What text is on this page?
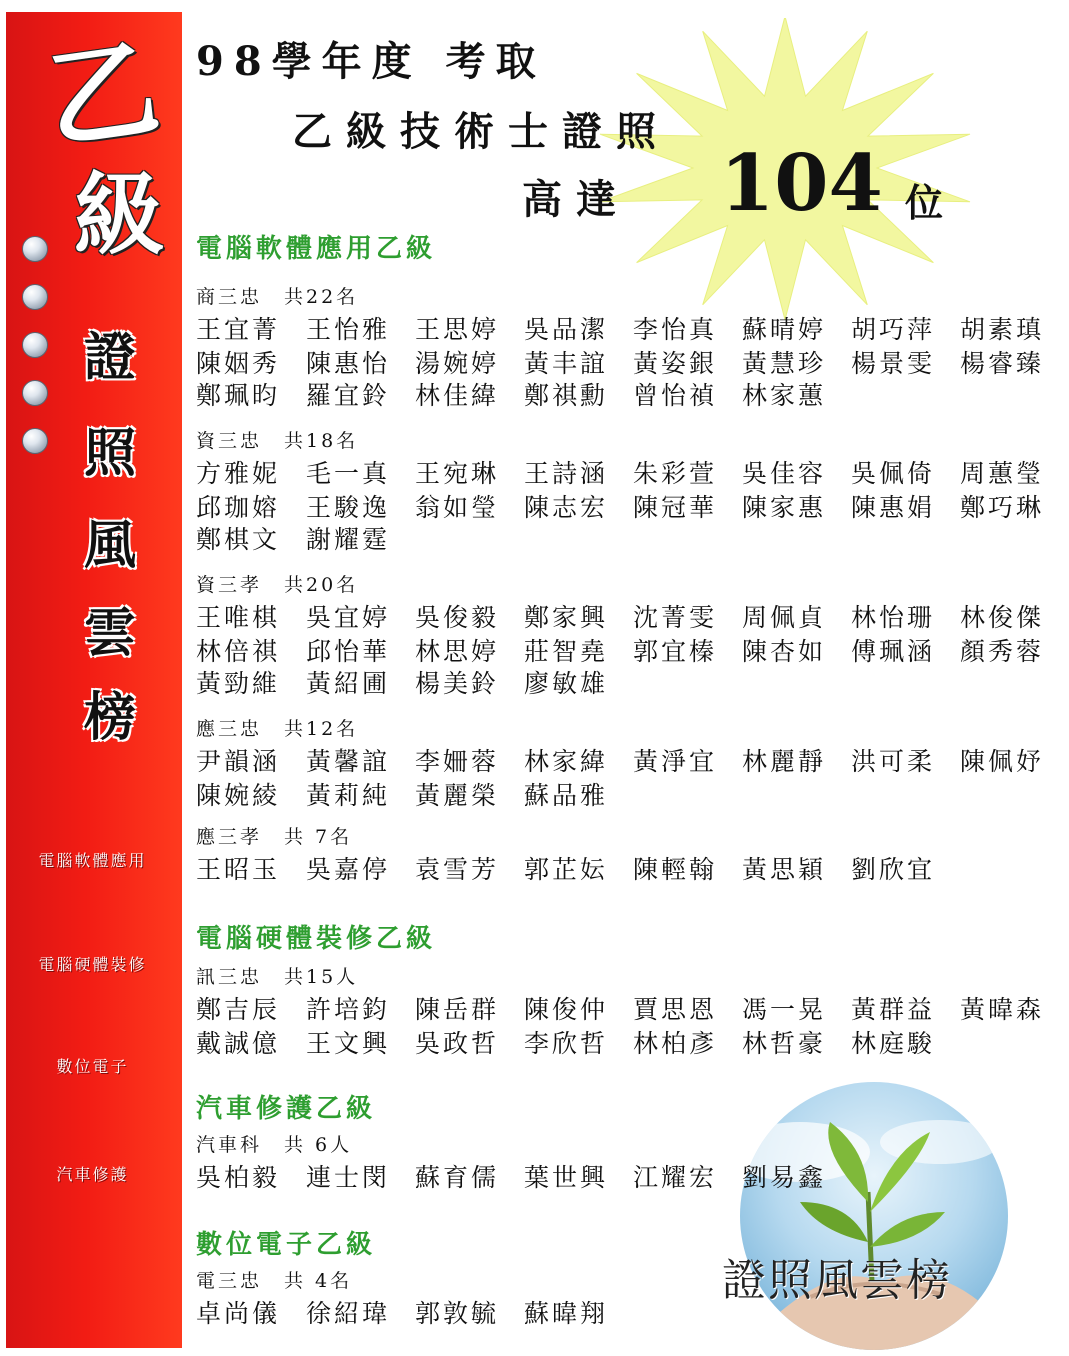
乙
級
證
照
風
雲
榜
電腦軟體應用
電腦硬體裝修
數位電子
汽車修護
98學年度 考取
乙級技術士證照
高達 104 位
證照風雲榜
電腦軟體應用乙級
商三忠　共22名
王宜菁 王怡雅 王思婷 吳品潔 李怡真 蘇晴婷 胡巧萍 胡素瑱
陳姻秀 陳惠怡 湯婉婷 黃丰誼 黃姿銀 黃慧珍 楊景雯 楊睿臻
鄭珮昀 羅宜鈴 林佳緯 鄭祺勳 曾怡禎 林家蕙
資三忠　共18名
方雅妮 毛一真 王宛琳 王詩涵 朱彩萱 吳佳容 吳佩倚 周蕙瑩
邱珈嫆 王駿逸 翁如瑩 陳志宏 陳冠華 陳家惠 陳惠娟 鄭巧琳
鄭棋文 謝耀霆
資三孝　共20名
王唯棋 吳宜婷 吳俊毅 鄭家興 沈菁雯 周佩貞 林怡珊 林俊傑
林倍祺 邱怡華 林思婷 莊智堯 郭宜榛 陳杏如 傅珮涵 顏秀蓉
黃勁維 黃紹圃 楊美鈴 廖敏雄
應三忠　共12名
尹韻涵 黃馨誼 李姍蓉 林家緯 黃淨宜 林麗靜 洪可柔 陳佩妤
陳婉綾 黃莉純 黃麗榮 蘇品雅
應三孝　共 7名
王昭玉 吳嘉停 袁雪芳 郭芷妘 陳輕翰 黃思穎 劉欣宜
電腦硬體裝修乙級
訊三忠　共15人
鄭吉辰 許培鈞 陳岳群 陳俊仲 賈思恩 馮一晃 黃群益 黃暐森
戴誠億 王文興 吳政哲 李欣哲 林柏彥 林哲豪 林庭駿
汽車修護乙級
汽車科　共 6人
吳柏毅 連士閔 蘇育儒 葉世興 江耀宏 劉易鑫
數位電子乙級
電三忠　共 4名
卓尚儀 徐紹瑋 郭敦毓 蘇暐翔
